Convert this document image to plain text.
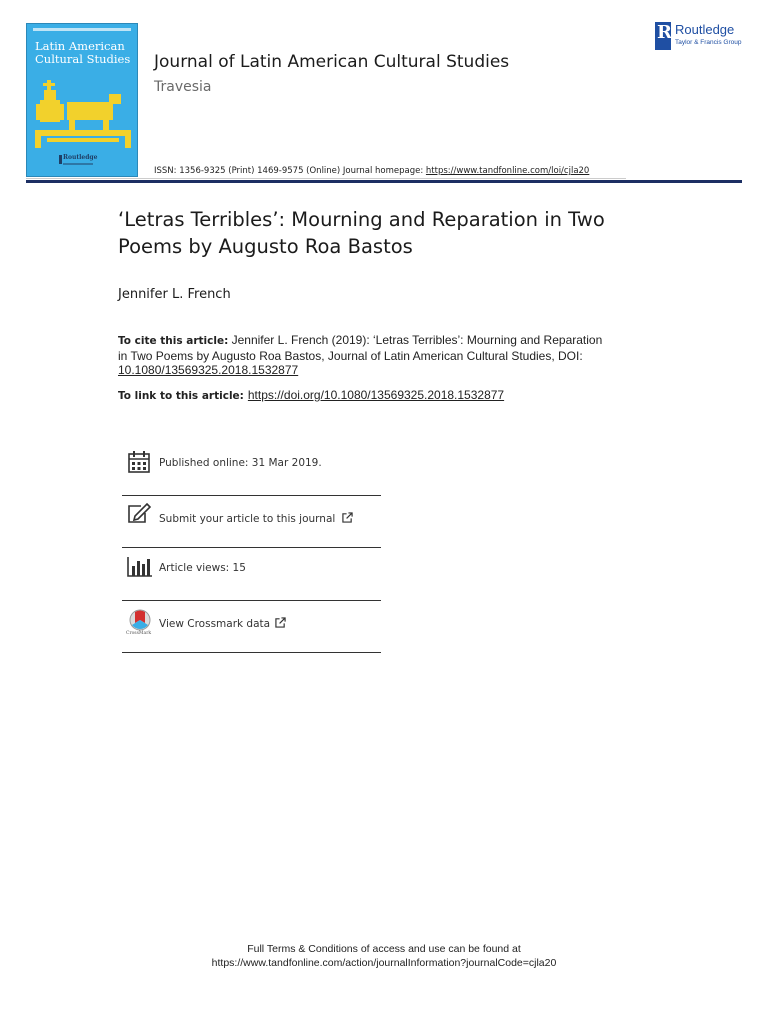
Latin American
Cultural Studies
Routledge
Journal of Latin American Cultural Studies
Travesia
R Routledge
Taylor & Francis Group
ISSN: 1356-9325 (Print) 1469-9575 (Online) Journal homepage: https://www.tandfonline.com/loi/cjla20
‘Letras Terribles’: Mourning and Reparation in Two
Poems by Augusto Roa Bastos
Jennifer L. French
To cite this article: Jennifer L. French (2019): ‘Letras Terribles’: Mourning and Reparation
in Two Poems by Augusto Roa Bastos, Journal of Latin American Cultural Studies, DOI:
10.1080/13569325.2018.1532877
To link to this article: https://doi.org/10.1080/13569325.2018.1532877
Published online: 31 Mar 2019.
Submit your article to this journal
Article views: 15
CrossMark
View Crossmark data
Full Terms & Conditions of access and use can be found at
https://www.tandfonline.com/action/journalInformation?journalCode=cjla20
